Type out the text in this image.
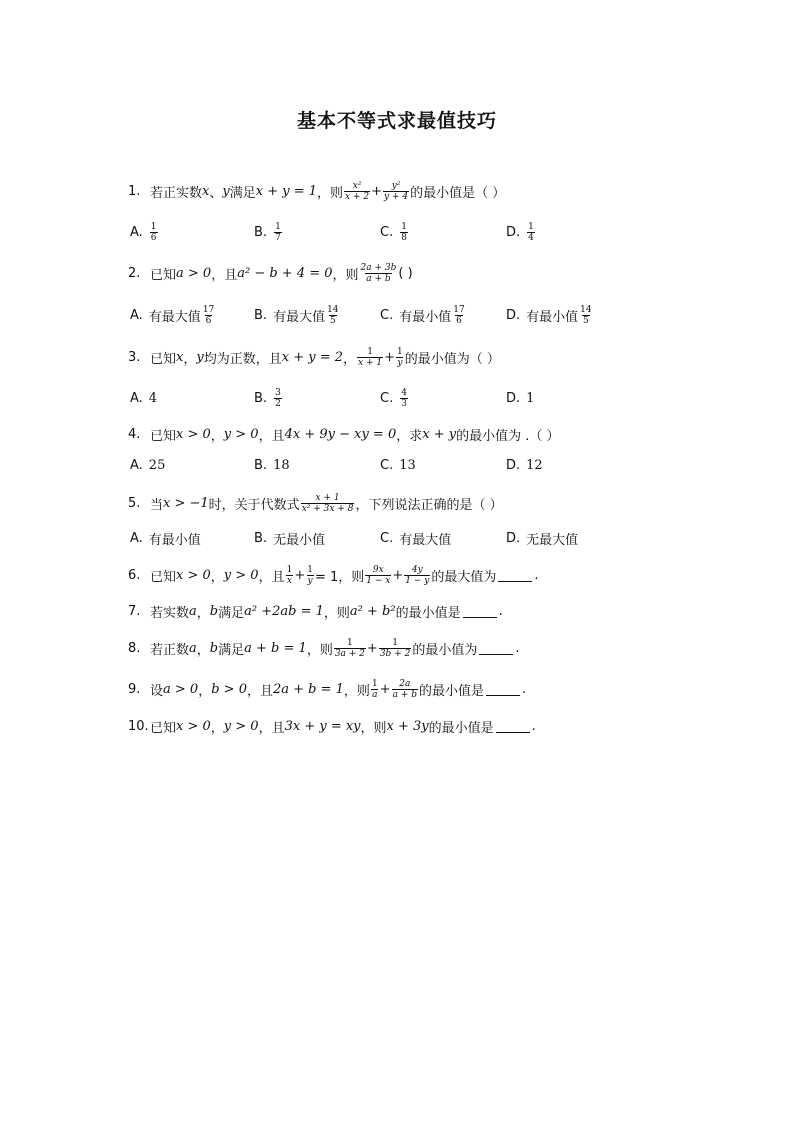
基本不等式求最值技巧
1. 若正实数 x 、 y 满足 x + y = 1 ，则 $\frac{\text{x²}}{x + 2} + \frac{\text{y²}}{y + 4}$ 的最小值是（ ）
A. $\frac{1}{6}$	B. $\frac{1}{7}$	C. $\frac{1}{8}$	D. $\frac{1}{4}$
2. 已知 a > 0 ，且 a² − b + 4 = 0 ，则 $\frac{2a + 3b}{a + b}$ ( )
A. 有最大值 $\frac{17}{6}$	B. 有最大值 $\frac{14}{5}$	C. 有最小值 $\frac{17}{6}$	D. 有最小值 $\frac{14}{5}$
3. 已知 x ， y 均为正数，且 x + y = 2 ， $\frac{1}{x + 1} + \frac{1}{y}$ 的最小值为（ ）
A. 4	B. $\frac{3}{2}$	C. $\frac{4}{3}$	D. 1
4. 已知 x > 0 ， y > 0 ，且 4x + 9y − xy = 0 ，求 x + y 的最小值为 .（ ）
A. 25	B. 18	C. 13	D. 12
5. 当 x > −1 时，关于代数式 $\frac{x + 1}{\text{x² + 3x + 8}}$ ，下列说法正确的是（ ）
A. 有最小值	B. 无最小值	C. 有最大值	D. 无最大值
6. 已知 x > 0 ， y > 0 ，且 $\frac{1}{x} + \frac{1}{y} = 1$，则 $\frac{9x}{1 - x} + \frac{4y}{1 - y}$ 的最大值为	.
7. 若实数 a ， b 满足 a² +2ab = 1 ，则 a² + b² 的最小值是	.
8. 若正数 a ， b 满足 a + b = 1 ，则 $\frac{1}{3a + 2} + \frac{1}{3b + 2}$ 的最小值为	.
9. 设 a > 0 ， b > 0 ，且 2a + b = 1 ，则 $\frac{1}{a} + \frac{2a}{a + b}$ 的最小值是	.
10. 已知 x > 0 ， y > 0 ，且 3x + y = xy ，则 x + 3y 的最小值是	.
